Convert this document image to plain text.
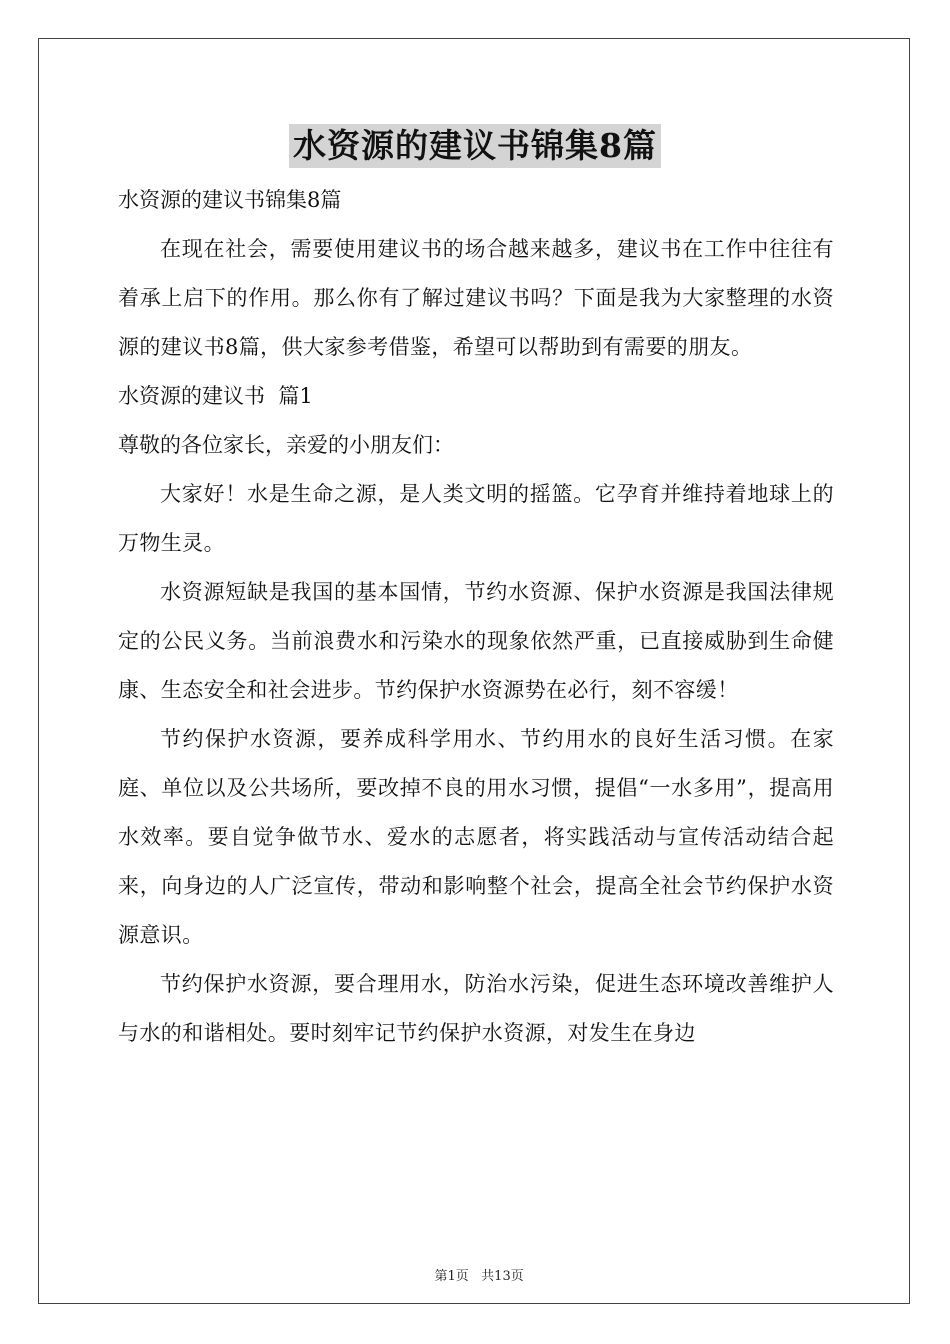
水资源的建议书锦集8篇

水资源的建议书锦集8篇

在现在社会，需要使用建议书的场合越来越多，建议书在工作中往往有着承上启下的作用。那么你有了解过建议书吗？下面是我为大家整理的水资源的建议书8篇，供大家参考借鉴，希望可以帮助到有需要的朋友。

水资源的建议书  篇1

尊敬的各位家长，亲爱的小朋友们：

大家好！水是生命之源，是人类文明的摇篮。它孕育并维持着地球上的万物生灵。

水资源短缺是我国的基本国情，节约水资源、保护水资源是我国法律规定的公民义务。当前浪费水和污染水的现象依然严重，已直接威胁到生命健康、生态安全和社会进步。节约保护水资源势在必行，刻不容缓！

节约保护水资源，要养成科学用水、节约用水的良好生活习惯。在家庭、单位以及公共场所，要改掉不良的用水习惯，提倡“一水多用”，提高用水效率。要自觉争做节水、爱水的志愿者，将实践活动与宣传活动结合起来，向身边的人广泛宣传，带动和影响整个社会，提高全社会节约保护水资源意识。

节约保护水资源，要合理用水，防治水污染，促进生态环境改善维护人与水的和谐相处。要时刻牢记节约保护水资源，对发生在身边

第1页   共13页
